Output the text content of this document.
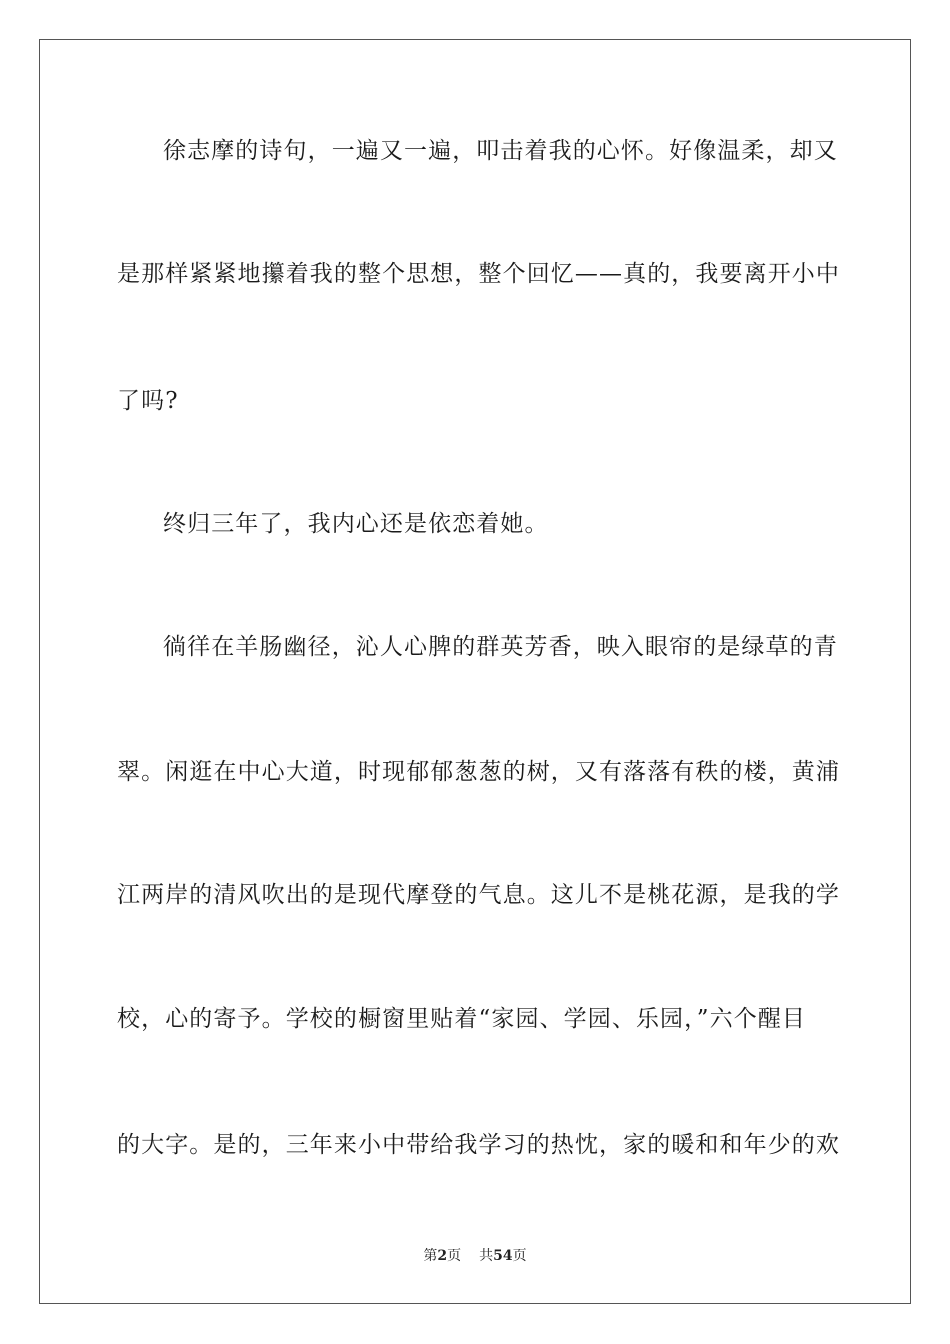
徐志摩的诗句，一遍又一遍，叩击着我的心怀。好像温柔，却又
是那样紧紧地攥着我的整个思想，整个回忆——真的，我要离开小中
了吗?
终归三年了，我内心还是依恋着她。
徜徉在羊肠幽径，沁人心脾的群英芳香，映入眼帘的是绿草的青
翠。闲逛在中心大道，时现郁郁葱葱的树，又有落落有秩的楼，黄浦
江两岸的清风吹出的是现代摩登的气息。这儿不是桃花源，是我的学
校，心的寄予。学校的橱窗里贴着“家园、学园、乐园，”六个醒目
的大字。是的，三年来小中带给我学习的热忱，家的暖和和年少的欢
第2页 共54页
